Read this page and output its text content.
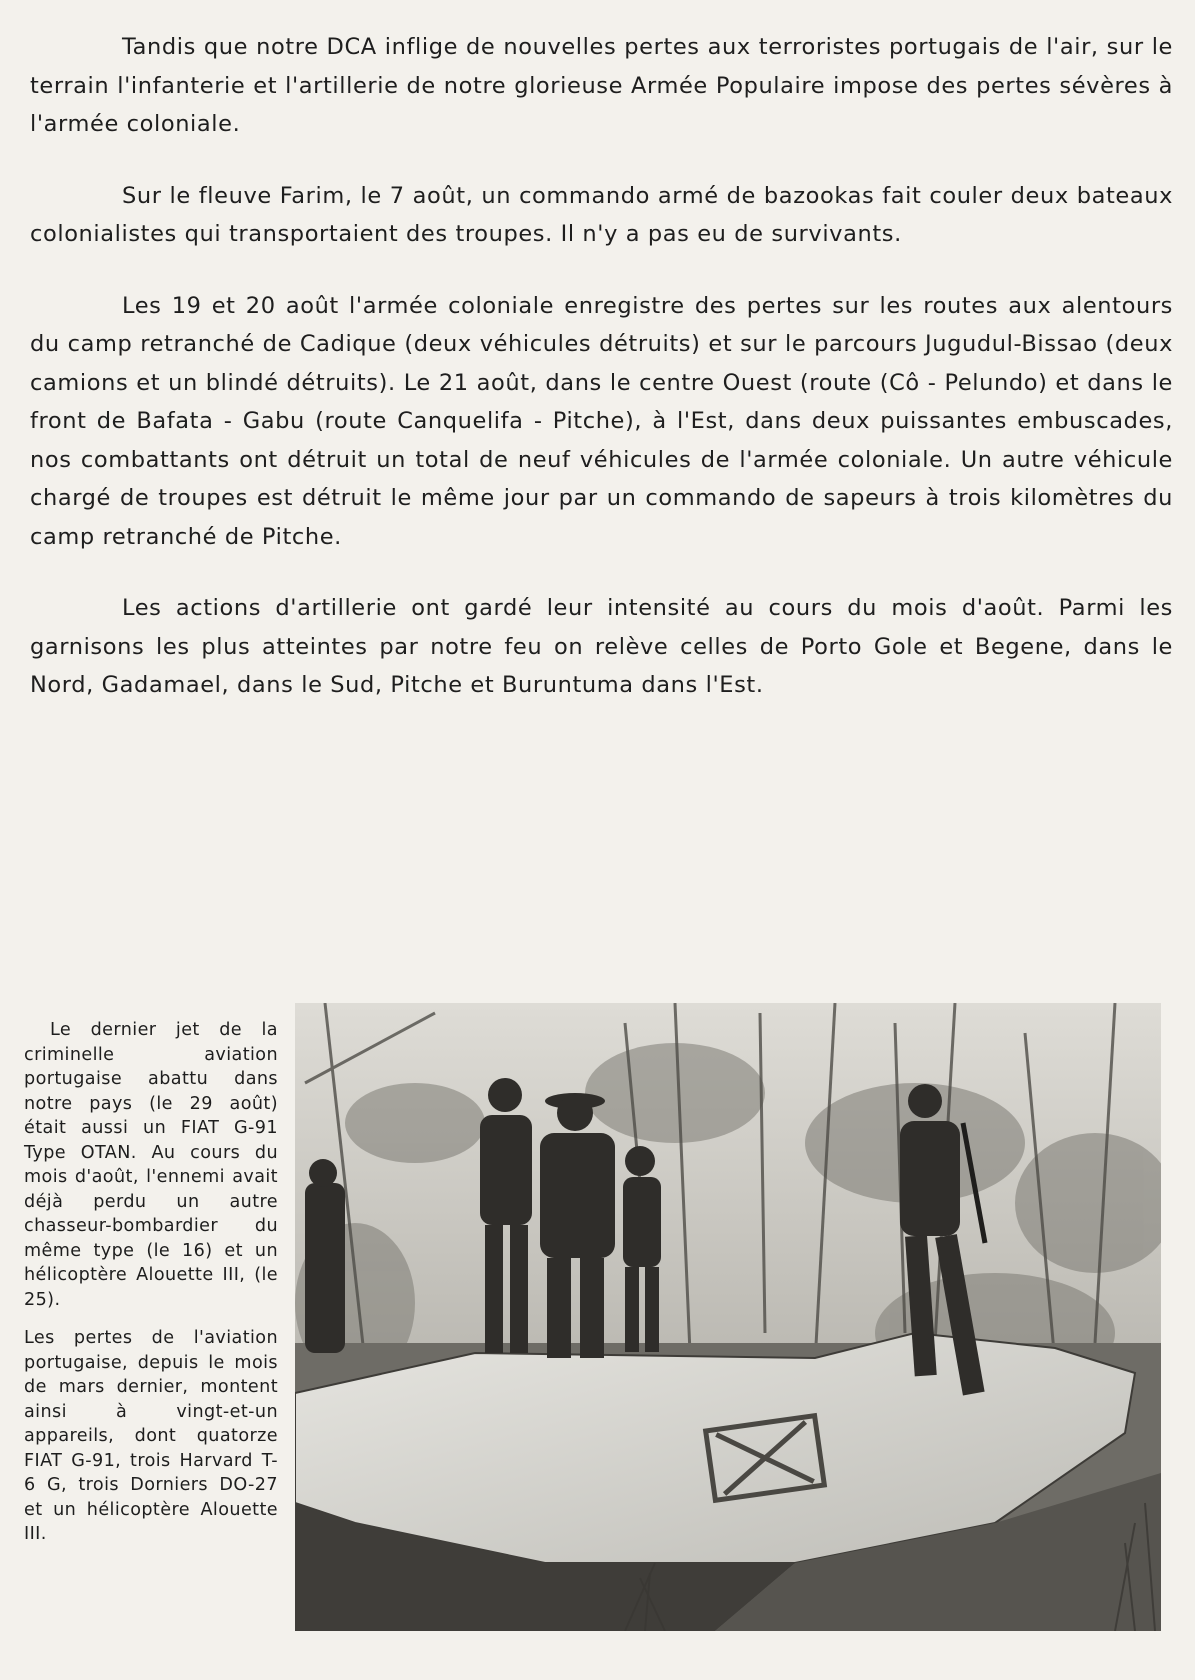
Tandis que notre DCA inflige de nouvelles pertes aux terroristes portugais de l'air, sur le terrain l'infanterie et l'artillerie de notre glorieuse Armée Populaire impose des pertes sévères à l'armée coloniale.

Sur le fleuve Farim, le 7 août, un commando armé de bazookas fait couler deux bateaux colonialistes qui transportaient des troupes. Il n'y a pas eu de survivants.

Les 19 et 20 août l'armée coloniale enregistre des pertes sur les routes aux alentours du camp retranché de Cadique (deux véhicules détruits) et sur le parcours Jugudul-Bissao (deux camions et un blindé détruits). Le 21 août, dans le centre Ouest (route (Cô - Pelundo) et dans le front de Bafata - Gabu (route Canquelifa - Pitche), à l'Est, dans deux puissantes embuscades, nos combattants ont détruit un total de neuf véhicules de l'armée coloniale. Un autre véhicule chargé de troupes est détruit le même jour par un commando de sapeurs à trois kilomètres du camp retranché de Pitche.

Les actions d'artillerie ont gardé leur intensité au cours du mois d'août. Parmi les garnisons les plus atteintes par notre feu on relève celles de Porto Gole et Begene, dans le Nord, Gadamael, dans le Sud, Pitche et Buruntuma dans l'Est.

Le dernier jet de la criminelle aviation portugaise abattu dans notre pays (le 29 août) était aussi un FIAT G-91 Type OTAN. Au cours du mois d'août, l'ennemi avait déjà perdu un autre chasseur-bombardier du même type (le 16) et un hélicoptère Alouette III, (le 25).

Les pertes de l'aviation portugaise, depuis le mois de mars dernier, montent ainsi à vingt-et-un appareils, dont quatorze FIAT G-91, trois Harvard T-6 G, trois Dorniers DO-27 et un hélicoptère Alouette III.
